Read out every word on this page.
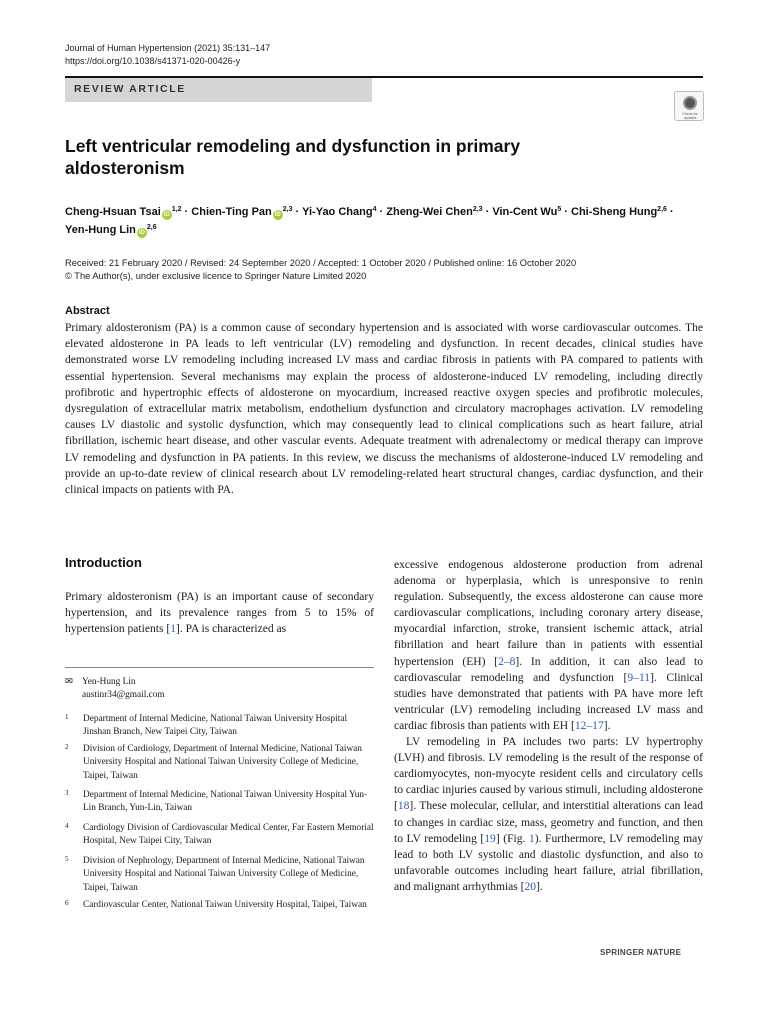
Journal of Human Hypertension (2021) 35:131–147
https://doi.org/10.1038/s41371-020-00426-y
REVIEW ARTICLE
Check for updates
Left ventricular remodeling and dysfunction in primary aldosteronism
Cheng-Hsuan Tsai iD$^{1,2}$ · Chien-Ting Pan iD$^{2,3}$ · Yi-Yao Chang$^4$ · Zheng-Wei Chen$^{2,3}$ · Vin-Cent $Wu^5$ · Chi-Sheng Hung$^{2,6}$ · Yen-Hung Lin iD$^{2,6}$
Received: 21 February 2020 / Revised: 24 September 2020 / Accepted: 1 October 2020 / Published online: 16 October 2020
© The Author(s), under exclusive licence to Springer Nature Limited 2020
Abstract

Primary aldosteronism (PA) is a common cause of secondary hypertension and is associated with worse cardiovascular outcomes. The elevated aldosterone in PA leads to left ventricular (LV) remodeling and dysfunction. In recent decades, clinical studies have demonstrated worse LV remodeling including increased LV mass and cardiac fibrosis in patients with PA compared to patients with essential hypertension. Several mechanisms may explain the process of aldosterone-induced LV remodeling, including directly profibrotic and hypertrophic effects of aldosterone on myocardium, increased reactive oxygen species and profibrotic molecules, dysregulation of extracellular matrix metabolism, endothelium dysfunction and circulatory macrophages activation. LV remodeling causes LV diastolic and systolic dysfunction, which may consequently lead to clinical complications such as heart failure, atrial fibrillation, ischemic heart disease, and other vascular events. Adequate treatment with adrenalectomy or medical therapy can improve LV remodeling and dysfunction in PA patients. In this review, we discuss the mechanisms of aldosterone-induced LV remodeling and provide an up-to-date review of clinical research about LV remodeling-related heart structural changes, cardiac dysfunction, and their clinical impacts on patients with PA.

Introduction

Primary aldosteronism (PA) is an important cause of secondary hypertension, and its prevalence ranges from 5 to 15% of hypertension patients [1]. PA is characterized as

excessive endogenous aldosterone production from adrenal adenoma or hyperplasia, which is unresponsive to renin regulation. Subsequently, the excess aldosterone can cause more cardiovascular complications, including coronary artery disease, myocardial infarction, stroke, transient ischemic attack, atrial fibrillation and heart failure than in patients with essential hypertension (EH) [2–8]. In addition, it can also lead to cardiovascular remodeling and dysfunction [9–11]. Clinical studies have demonstrated that patients with PA have more left ventricular (LV) remodeling including increased LV mass and cardiac fibrosis than patients with EH [12–17].

LV remodeling in PA includes two parts: LV hypertrophy (LVH) and fibrosis. LV remodeling is the result of the response of cardiomyocytes, non-myocyte resident cells and circulatory cells to cardiac injuries caused by various stimuli, including aldosterone [18]. These molecular, cellular, and interstitial alterations can lead to changes in cardiac size, mass, geometry and function, and then to LV remodeling [19] (Fig. 1). Furthermore, LV remodeling may lead to both LV systolic and diastolic dysfunction, and also to unfavorable outcomes including heart failure, atrial fibrillation, and malignant arrhythmias [20].

✉ Yen-Hung Lin
austinr34@gmail.com
1	Department of Internal Medicine, National Taiwan University Hospital Jinshan Branch, New Taipei City, Taiwan
2	Division of Cardiology, Department of Internal Medicine, National Taiwan University Hospital and National Taiwan University College of Medicine, Taipei, Taiwan
3	Department of Internal Medicine, National Taiwan University Hospital Yun-Lin Branch, Yun-Lin, Taiwan
4	Cardiology Division of Cardiovascular Medical Center, Far Eastern Memorial Hospital, New Taipei City, Taiwan
5	Division of Nephrology, Department of Internal Medicine, National Taiwan University Hospital and National Taiwan University College of Medicine, Taipei, Taiwan
6	Cardiovascular Center, National Taiwan University Hospital, Taipei, Taiwan
SPRINGER NATURE
